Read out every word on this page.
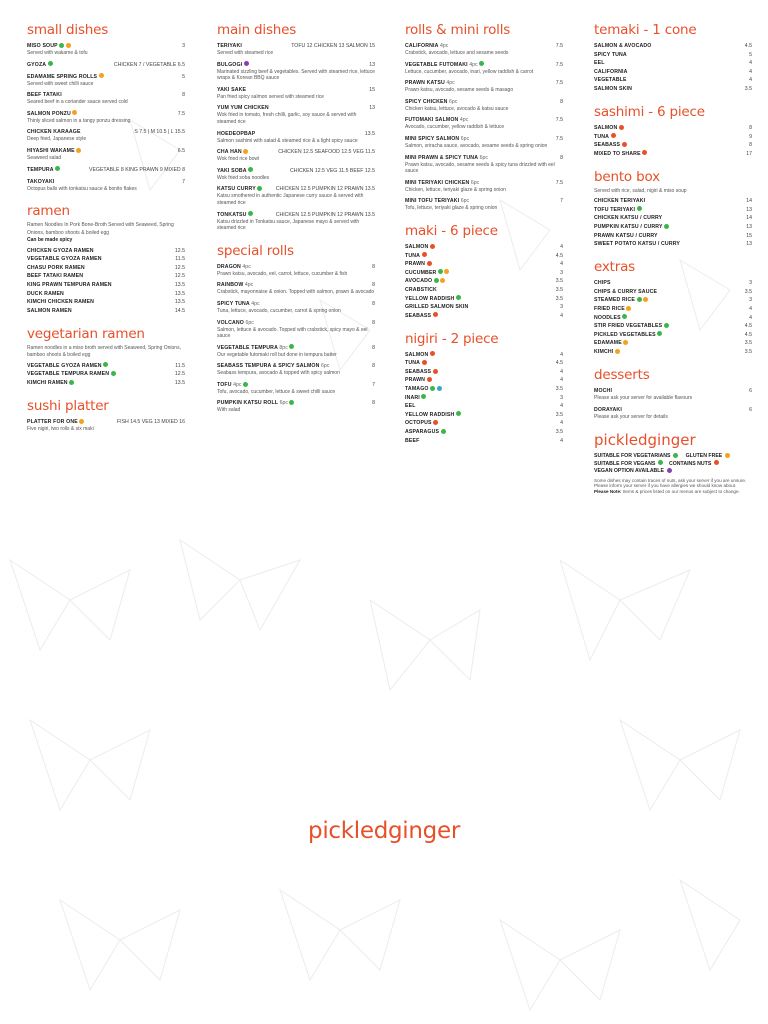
small dishes
MISO SOUP	3
Served with wakame & tofu
GYOZA	CHICKEN 7 / VEGETABLE 6.5
EDAMAME SPRING ROLLS	5
Served with sweet chilli sauce
BEEF TATAKI	8
Seared beef in a coriander sauce served cold
SALMON PONZU	7.5
Thinly sliced salmon in a tangy ponzu dressing
CHICKEN KARAAGE	S 7.5 | M 10.5 | L 15.5
Deep fried, Japanese style
HIYASHI WAKAME	6.5
Seaweed salad
TEMPURA	VEGETABLE 8 KING PRAWN 9 MIXED 8
TAKOYAKI	7
Octopus balls with tonkatsu sauce & bonito flakes
ramen
Ramen Noodles In Pork Bone-Broth Served with Seaweed, Spring Onions, bamboo shoots & boiled egg
Can be made spicy
CHICKEN GYOZA RAMEN	12.5
VEGETABLE GYOZA RAMEN	11.5
CHASU PORK RAMEN	12.5
BEEF TATAKI RAMEN	12.5
KING PRAWN TEMPURA RAMEN	13.5
DUCK RAMEN	13.5
KIMCHI CHICKEN RAMEN	13.5
SALMON RAMEN	14.5
vegetarian ramen
Ramen noodles in a miso broth served with Seaweed, Spring Onions, bamboo shoots & boiled egg
VEGETABLE GYOZA RAMEN	11.5
VEGETABLE TEMPURA RAMEN	12.5
KIMCHI RAMEN	13.5
sushi platter
PLATTER FOR ONE	FISH 14.5 VEG 13 MIXED 16
Five nigiri, two rolls & six maki
main dishes
TERIYAKI	TOFU 12 CHICKEN 13 SALMON 15
Served with steamed rice
BULGOGI	13
Marinated sizzling beef & vegetables. Served with steamed rice, lettuce wraps & Korean BBQ sauce
YAKI SAKE	15
Pan fried spicy salmon served with steamed rice
YUM YUM CHICKEN	13
Wok fried in tomato, fresh chilli, garlic, soy sauce & served with steamed rice
HOEDEOPBAP	13.5
Salmon sashimi with salad & steamed rice & a light spicy sauce
CHA HAN	CHICKEN 12.5 SEAFOOD 12.5 VEG 11.5
Wok fried rice bowl
YAKI SOBA	CHICKEN 12.5 VEG 11.5 BEEF 12.5
Wok fried soba noodles
KATSU CURRY	CHICKEN 12.5 PUMPKIN 12 PRAWN 13.5
Katsu smothered in authentic Japanese curry sauce & served with steamed rice
TONKATSU	CHICKEN 12.5 PUMPKIN 12 PRAWN 13.5
Katsu drizzled in Tonkatsu sauce, Japanese mayo & served with steamed rice
special rolls
DRAGON 4pc	8
Prawn katsu, avocado, eel, carrot, lettuce, cucumber & fish
RAINBOW 4pc	8
Crabstick, mayonnaise & onion. Topped with salmon, prawn & avocado
SPICY TUNA 4pc	8
Tuna, lettuce, avocado, cucumber, carrot & spring onion
VOLCANO 6pc	8
Salmon, lettuce & avocado. Topped with crabstick, spicy mayo & eel sauce
VEGETABLE TEMPURA 8pc	8
Our vegetable futomaki roll but done in tempura batter
SEABASS TEMPURA & SPICY SALMON 6pc	8
Seabass tempura, avocado & topped with spicy salmon
TOFU 4pc	7
Tofu, avocado, cucumber, lettuce & sweet chilli sauce
PUMPKIN KATSU ROLL 6pc	8
With salad
rolls & mini rolls
CALIFORNIA 4pc	7.5
Crabstick, avocado, lettuce and sesame seeds
VEGETABLE FUTOMAKI 4pc	7.5
Lettuce, cucumber, avocado, inari, yellow raddish & carrot
PRAWN KATSU 4pc	7.5
Prawn katsu, avocado, sesame seeds & masago
SPICY CHICKEN 6pc	8
Chicken katsu, lettuce, avocado & katsu sauce
FUTOMAKI SALMON 4pc	7.5
Avocado, cucumber, yellow raddish & lettuce
MINI SPICY SALMON 6pc	7.5
Salmon, sriracha sauce, avocado, sesame seeds & spring onion
MINI PRAWN & SPICY TUNA 6pc	8
Prawn katsu, avocado, sesame seeds & spicy tuna drizzled with eel sauce
MINI TERIYAKI CHICKEN 6pc	7.5
Chicken, lettuce, teriyaki glaze & spring onion
MINI TOFU TERIYAKI 6pc	7
Tofu, lettuce, teriyaki glaze & spring onion
maki - 6 piece
SALMON	4
TUNA	4.5
PRAWN	4
CUCUMBER	3
AVOCADO	3.5
CRABSTICK	3.5
YELLOW RADDISH	3.5
GRILLED SALMON SKIN	3
SEABASS	4
nigiri - 2 piece
SALMON	4
TUNA	4.5
SEABASS	4
PRAWN	4
TAMAGO	3.5
INARI	3
EEL	4
YELLOW RADDISH	3.5
OCTOPUS	4
ASPARAGUS	3.5
BEEF	4
temaki - 1 cone
SALMON & AVOCADO	4.5
SPICY TUNA	5
EEL	4
CALIFORNIA	4
VEGETABLE	4
SALMON SKIN	3.5
sashimi - 6 piece
SALMON	8
TUNA	9
SEABASS	8
MIXED TO SHARE	17
bento box
Served with rice, salad, nigiri & miso soup
CHICKEN TERIYAKI	14
TOFU TERIYAKI	13
CHICKEN KATSU / CURRY	14
PUMPKIN KATSU / CURRY	13
PRAWN KATSU / CURRY	15
SWEET POTATO KATSU / CURRY	13
extras
CHIPS	3
CHIPS & CURRY SAUCE	3.5
STEAMED RICE	3
FRIED RICE	4
NOODLES	4
STIR FRIED VEGETABLES	4.5
PICKLED VEGETABLES	4.5
EDAMAME	3.5
KIMCHI	3.5
desserts
MOCHI	6
Please ask your server for available flavours
DORAYAKI	6
Please ask your server for details
pickledginger
SUITABLE FOR VEGETARIANS	GLUTEN FREE
SUITABLE FOR VEGANS	CONTAINS NUTS
VEGAN OPTION AVAILABLE
Some dishes may contain traces of nuts, ask your server if you are unsure.
Please inform your server if you have allergies we should know about.
Please Note: Items & prices listed on our menus are subject to change.
pickledginger
